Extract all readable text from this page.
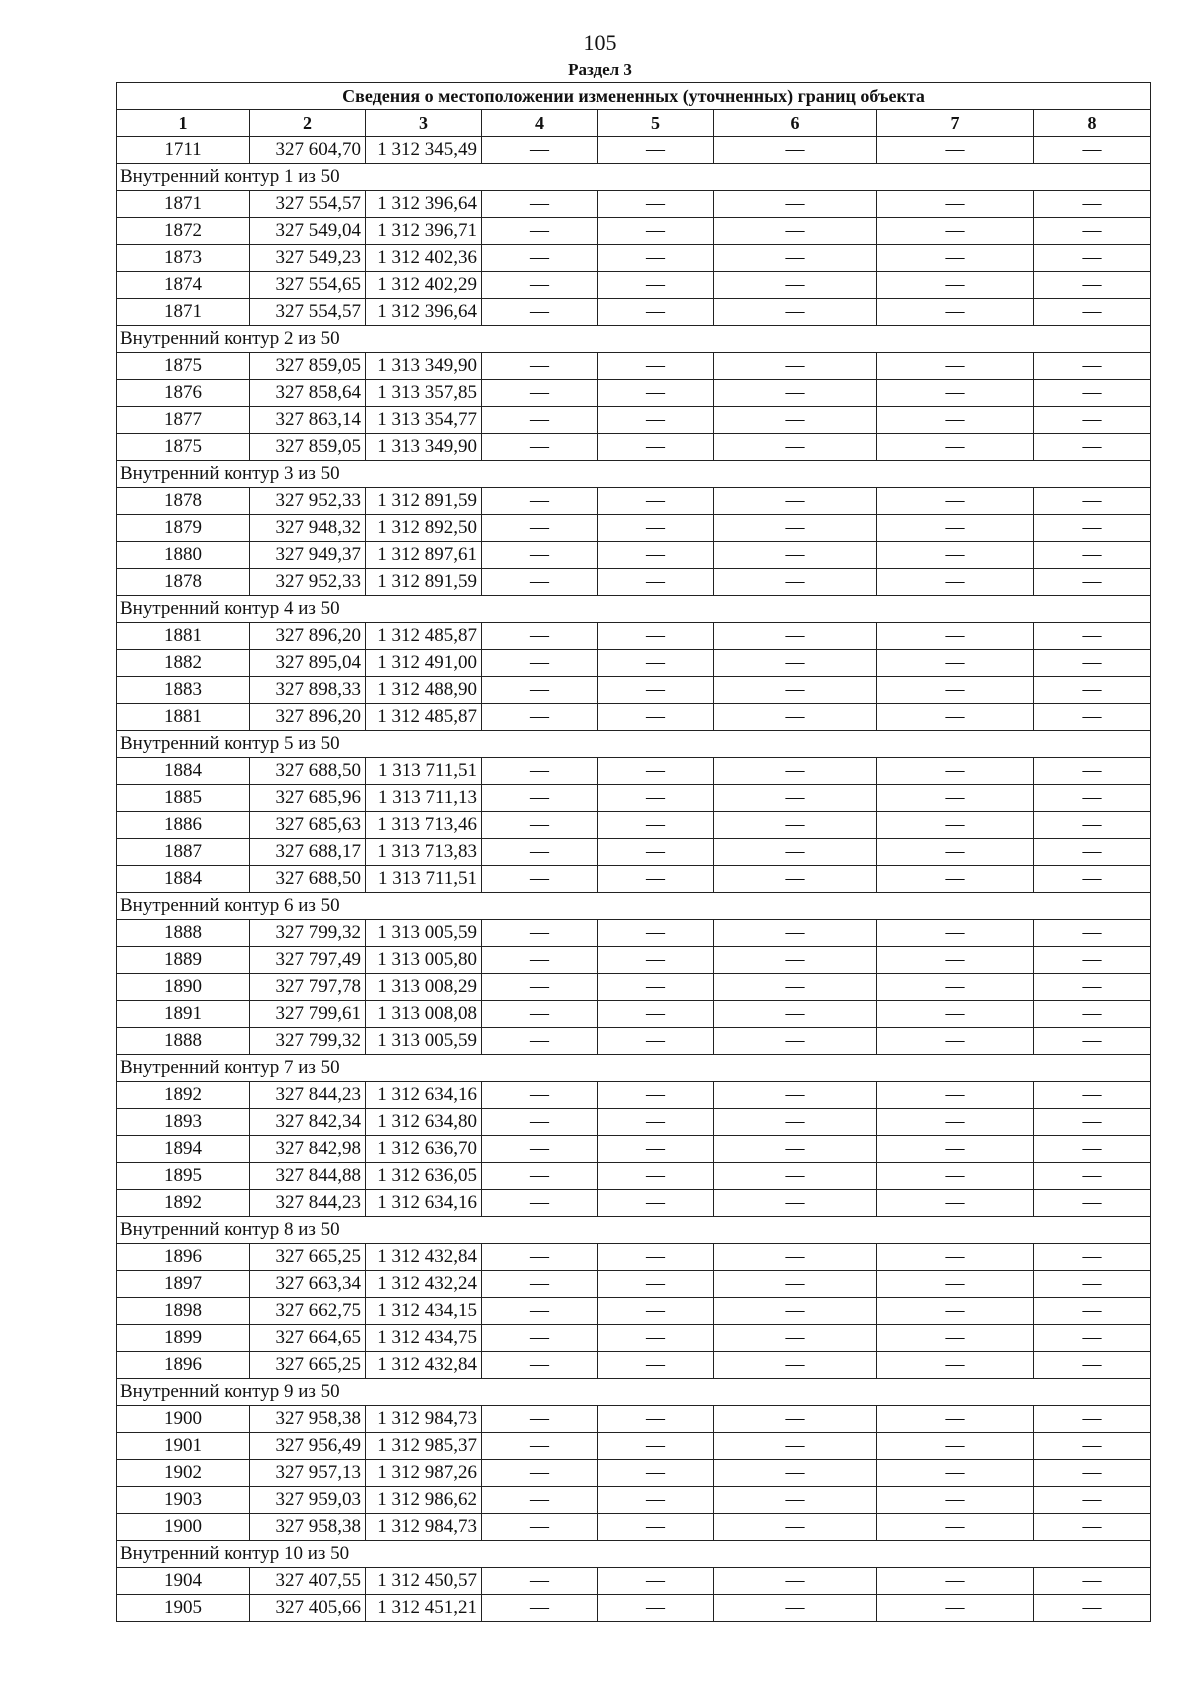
105
Раздел 3
Сведения о местоположении измененных (уточненных) границ объекта							
1	2	3	4	5	6	7	8
1711	327 604,70	1 312 345,49	—	—	—	—	—
Внутренний контур 1 из 50							
1871	327 554,57	1 312 396,64	—	—	—	—	—
1872	327 549,04	1 312 396,71	—	—	—	—	—
1873	327 549,23	1 312 402,36	—	—	—	—	—
1874	327 554,65	1 312 402,29	—	—	—	—	—
1871	327 554,57	1 312 396,64	—	—	—	—	—
Внутренний контур 2 из 50							
1875	327 859,05	1 313 349,90	—	—	—	—	—
1876	327 858,64	1 313 357,85	—	—	—	—	—
1877	327 863,14	1 313 354,77	—	—	—	—	—
1875	327 859,05	1 313 349,90	—	—	—	—	—
Внутренний контур 3 из 50							
1878	327 952,33	1 312 891,59	—	—	—	—	—
1879	327 948,32	1 312 892,50	—	—	—	—	—
1880	327 949,37	1 312 897,61	—	—	—	—	—
1878	327 952,33	1 312 891,59	—	—	—	—	—
Внутренний контур 4 из 50							
1881	327 896,20	1 312 485,87	—	—	—	—	—
1882	327 895,04	1 312 491,00	—	—	—	—	—
1883	327 898,33	1 312 488,90	—	—	—	—	—
1881	327 896,20	1 312 485,87	—	—	—	—	—
Внутренний контур 5 из 50							
1884	327 688,50	1 313 711,51	—	—	—	—	—
1885	327 685,96	1 313 711,13	—	—	—	—	—
1886	327 685,63	1 313 713,46	—	—	—	—	—
1887	327 688,17	1 313 713,83	—	—	—	—	—
1884	327 688,50	1 313 711,51	—	—	—	—	—
Внутренний контур 6 из 50							
1888	327 799,32	1 313 005,59	—	—	—	—	—
1889	327 797,49	1 313 005,80	—	—	—	—	—
1890	327 797,78	1 313 008,29	—	—	—	—	—
1891	327 799,61	1 313 008,08	—	—	—	—	—
1888	327 799,32	1 313 005,59	—	—	—	—	—
Внутренний контур 7 из 50							
1892	327 844,23	1 312 634,16	—	—	—	—	—
1893	327 842,34	1 312 634,80	—	—	—	—	—
1894	327 842,98	1 312 636,70	—	—	—	—	—
1895	327 844,88	1 312 636,05	—	—	—	—	—
1892	327 844,23	1 312 634,16	—	—	—	—	—
Внутренний контур 8 из 50							
1896	327 665,25	1 312 432,84	—	—	—	—	—
1897	327 663,34	1 312 432,24	—	—	—	—	—
1898	327 662,75	1 312 434,15	—	—	—	—	—
1899	327 664,65	1 312 434,75	—	—	—	—	—
1896	327 665,25	1 312 432,84	—	—	—	—	—
Внутренний контур 9 из 50							
1900	327 958,38	1 312 984,73	—	—	—	—	—
1901	327 956,49	1 312 985,37	—	—	—	—	—
1902	327 957,13	1 312 987,26	—	—	—	—	—
1903	327 959,03	1 312 986,62	—	—	—	—	—
1900	327 958,38	1 312 984,73	—	—	—	—	—
Внутренний контур 10 из 50							
1904	327 407,55	1 312 450,57	—	—	—	—	—
1905	327 405,66	1 312 451,21	—	—	—	—	—
